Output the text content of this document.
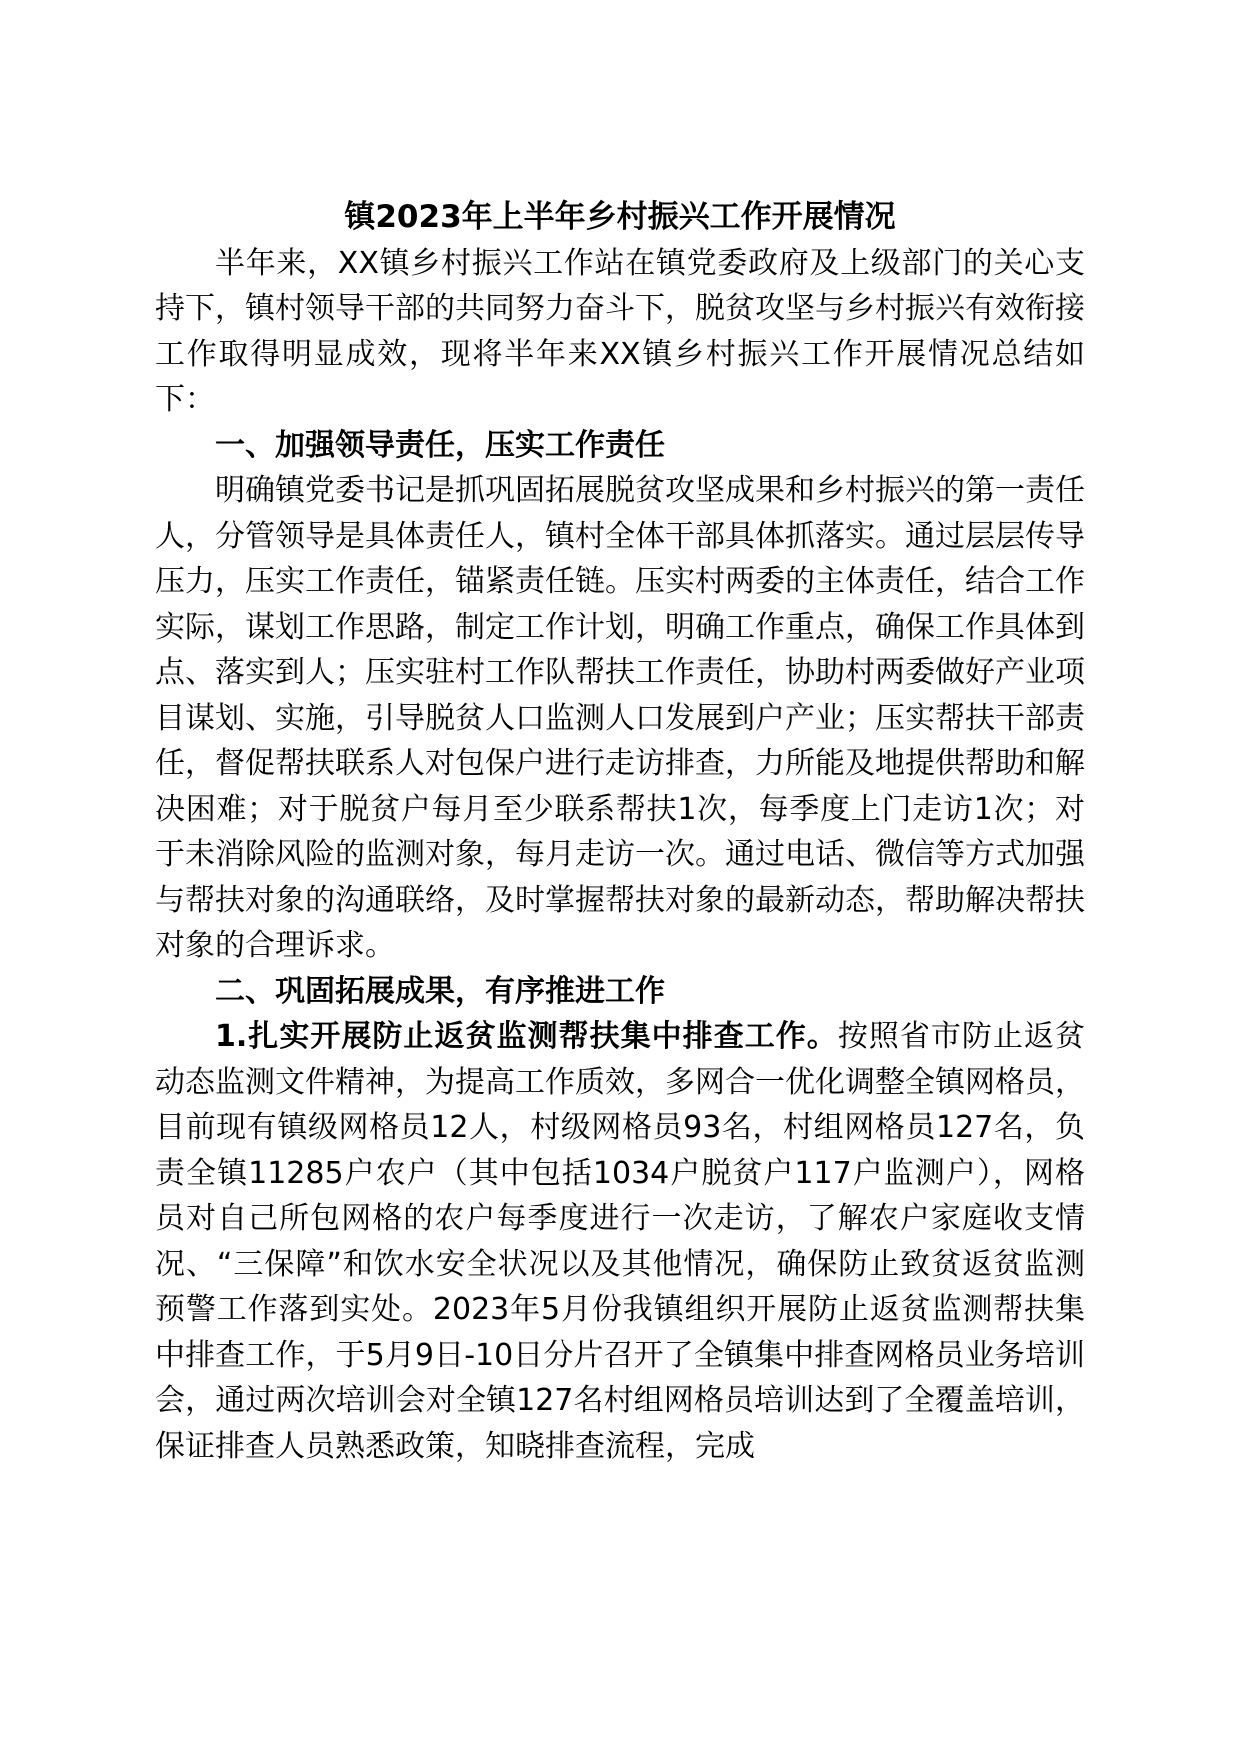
镇2023年上半年乡村振兴工作开展情况

半年来，XX镇乡村振兴工作站在镇党委政府及上级部门的关心支持下，镇村领导干部的共同努力奋斗下，脱贫攻坚与乡村振兴有效衔接工作取得明显成效，现将半年来XX镇乡村振兴工作开展情况总结如下：

一、加强领导责任，压实工作责任

明确镇党委书记是抓巩固拓展脱贫攻坚成果和乡村振兴的第一责任人，分管领导是具体责任人，镇村全体干部具体抓落实。通过层层传导压力，压实工作责任，锚紧责任链。压实村两委的主体责任，结合工作实际，谋划工作思路，制定工作计划，明确工作重点，确保工作具体到点、落实到人；压实驻村工作队帮扶工作责任，协助村两委做好产业项目谋划、实施，引导脱贫人口监测人口发展到户产业；压实帮扶干部责任，督促帮扶联系人对包保户进行走访排查，力所能及地提供帮助和解决困难；对于脱贫户每月至少联系帮扶1次，每季度上门走访1次；对于未消除风险的监测对象，每月走访一次。通过电话、微信等方式加强与帮扶对象的沟通联络，及时掌握帮扶对象的最新动态，帮助解决帮扶对象的合理诉求。

二、巩固拓展成果，有序推进工作

1.扎实开展防止返贫监测帮扶集中排查工作。按照省市防止返贫动态监测文件精神，为提高工作质效，多网合一优化调整全镇网格员，目前现有镇级网格员12人，村级网格员93名，村组网格员127名，负责全镇11285户农户（其中包括1034户脱贫户117户监测户），网格员对自己所包网格的农户每季度进行一次走访，了解农户家庭收支情况、“三保障”和饮水安全状况以及其他情况，确保防止致贫返贫监测预警工作落到实处。2023年5月份我镇组织开展防止返贫监测帮扶集中排查工作，于5月9日-10日分片召开了全镇集中排查网格员业务培训会，通过两次培训会对全镇127名村组网格员培训达到了全覆盖培训，保证排查人员熟悉政策，知晓排查流程，完成
